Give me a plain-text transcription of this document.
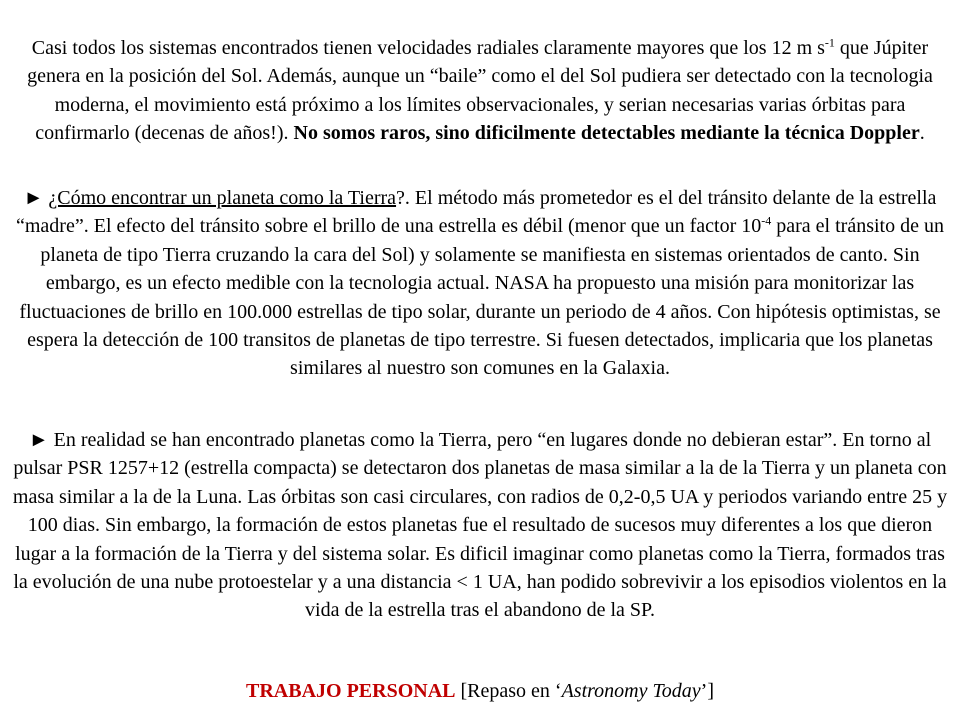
Casi todos los sistemas encontrados tienen velocidades radiales claramente mayores que los 12 m $s^{-1}$ que Júpiter genera en la posición del Sol. Además, aunque un “baile” como el del Sol pudiera ser detectado con la tecnologia moderna, el movimiento está próximo a los límites observacionales, y serian necesarias varias órbitas para confirmarlo (decenas de años!). No somos raros, sino dificilmente detectables mediante la técnica Doppler.

► ¿Cómo encontrar un planeta como la Tierra?. El método más prometedor es el del tránsito delante de la estrella “madre”. El efecto del tránsito sobre el brillo de una estrella es débil (menor que un factor $10^{-4}$ para el tránsito de un planeta de tipo Tierra cruzando la cara del Sol) y solamente se manifiesta en sistemas orientados de canto. Sin embargo, es un efecto medible con la tecnologia actual. NASA ha propuesto una misión para monitorizar las fluctuaciones de brillo en 100.000 estrellas de tipo solar, durante un periodo de 4 años. Con hipótesis optimistas, se espera la detección de 100 transitos de planetas de tipo terrestre. Si fuesen detectados, implicaria que los planetas similares al nuestro son comunes en la Galaxia.

► En realidad se han encontrado planetas como la Tierra, pero “en lugares donde no debieran estar”. En torno al pulsar PSR 1257+12 (estrella compacta) se detectaron dos planetas de masa similar a la de la Tierra y un planeta con masa similar a la de la Luna. Las órbitas son casi circulares, con radios de 0,2-0,5 UA y periodos variando entre 25 y 100 dias. Sin embargo, la formación de estos planetas fue el resultado de sucesos muy diferentes a los que dieron lugar a la formación de la Tierra y del sistema solar. Es dificil imaginar como planetas como la Tierra, formados tras la evolución de una nube protoestelar y a una distancia < 1 UA, han podido sobrevivir a los episodios violentos en la vida de la estrella tras el abandono de la SP.

TRABAJO PERSONAL [Repaso en ‘Astronomy Today’]
